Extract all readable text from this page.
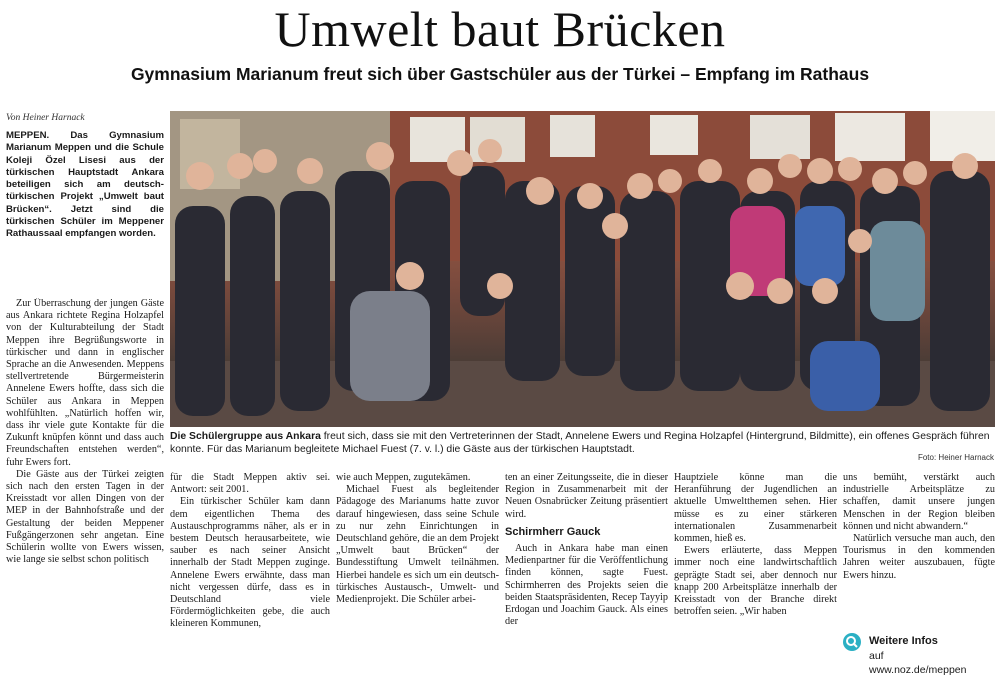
Umwelt baut Brücken
Gymnasium Marianum freut sich über Gastschüler aus der Türkei – Empfang im Rathaus
Von Heiner Harnack

MEPPEN. Das Gymnasium Marianum Meppen und die Schule Koleji Özel Lisesi aus der türkischen Hauptstadt Ankara beteiligen sich am deutsch-türkischen Projekt „Umwelt baut Brücken“. Jetzt sind die türkischen Schüler im Meppener Rathaussaal empfangen worden.

Zur Überraschung der jungen Gäste aus Ankara richtete Regina Holzapfel von der Kulturabteilung der Stadt Meppen ihre Begrüßungsworte in türkischer und dann in englischer Sprache an die Anwesenden. Meppens stellvertretende Bürgermeisterin Annelene Ewers hoffte, dass sich die Schüler aus Ankara in Meppen wohlfühlten. „Natürlich hoffen wir, dass ihr viele gute Kontakte für die Zukunft knüpfen könnt und dass auch Freundschaften entstehen werden“, fuhr Ewers fort.

Die Gäste aus der Türkei zeigten sich nach den ersten Tagen in der Kreisstadt vor allen Dingen von der MEP in der Bahnhofstraße und der Gestaltung der beiden Meppener Fußgängerzonen sehr angetan. Eine Schülerin wollte von Ewers wissen, wie lange sie selbst schon politisch

Die Schülergruppe aus Ankara freut sich, dass sie mit den Vertreterinnen der Stadt, Annelene Ewers und Regina Holzapfel (Hintergrund, Bildmitte), ein offenes Gespräch führen konnte. Für das Marianum begleitete Michael Fuest (7. v. l.) die Gäste aus der türkischen Hauptstadt.
Foto: Heiner Harnack

für die Stadt Meppen aktiv sei. Antwort: seit 2001.

Ein türkischer Schüler kam dann dem eigentlichen Thema des Austauschprogramms näher, als er in bestem Deutsch herausarbeitete, wie sauber es nach seiner Ansicht innerhalb der Stadt Meppen zuginge. Annelene Ewers erwähnte, dass man nicht vergessen dürfe, dass es in Deutschland viele Fördermöglichkeiten gebe, die auch kleineren Kommunen,

wie auch Meppen, zugutekämen.

Michael Fuest als begleitender Pädagoge des Marianums hatte zuvor darauf hingewiesen, dass seine Schule zu nur zehn Einrichtungen in Deutschland gehöre, die an dem Projekt „Umwelt baut Brücken“ der Bundesstiftung Umwelt teilnähmen. Hierbei handele es sich um ein deutsch-türkisches Austausch-, Umwelt- und Medienprojekt. Die Schüler arbei-

ten an einer Zeitungsseite, die in dieser Region in Zusammenarbeit mit der Neuen Osnabrücker Zeitung präsentiert wird.

Schirmherr Gauck

Auch in Ankara habe man einen Medienpartner für die Veröffentlichung finden können, sagte Fuest. Schirmherren des Projekts seien die beiden Staatspräsidenten, Recep Tayyip Erdogan und Joachim Gauck. Als eines der

Hauptziele könne man die Heranführung der Jugendlichen an aktuelle Umweltthemen sehen. Hier müsse es zu einer stärkeren internationalen Zusammenarbeit kommen, hieß es.

Ewers erläuterte, dass Meppen immer noch eine landwirtschaftlich geprägte Stadt sei, aber dennoch nur knapp 200 Arbeitsplätze innerhalb der Kreisstadt von der Branche direkt betroffen seien. „Wir haben

uns bemüht, verstärkt auch industrielle Arbeitsplätze zu schaffen, damit unsere jungen Menschen in der Region bleiben können und nicht abwandern.“

Natürlich versuche man auch, den Tourismus in den kommenden Jahren weiter auszubauen, fügte Ewers hinzu.

Weitere Infos
auf
www.noz.de/meppen
